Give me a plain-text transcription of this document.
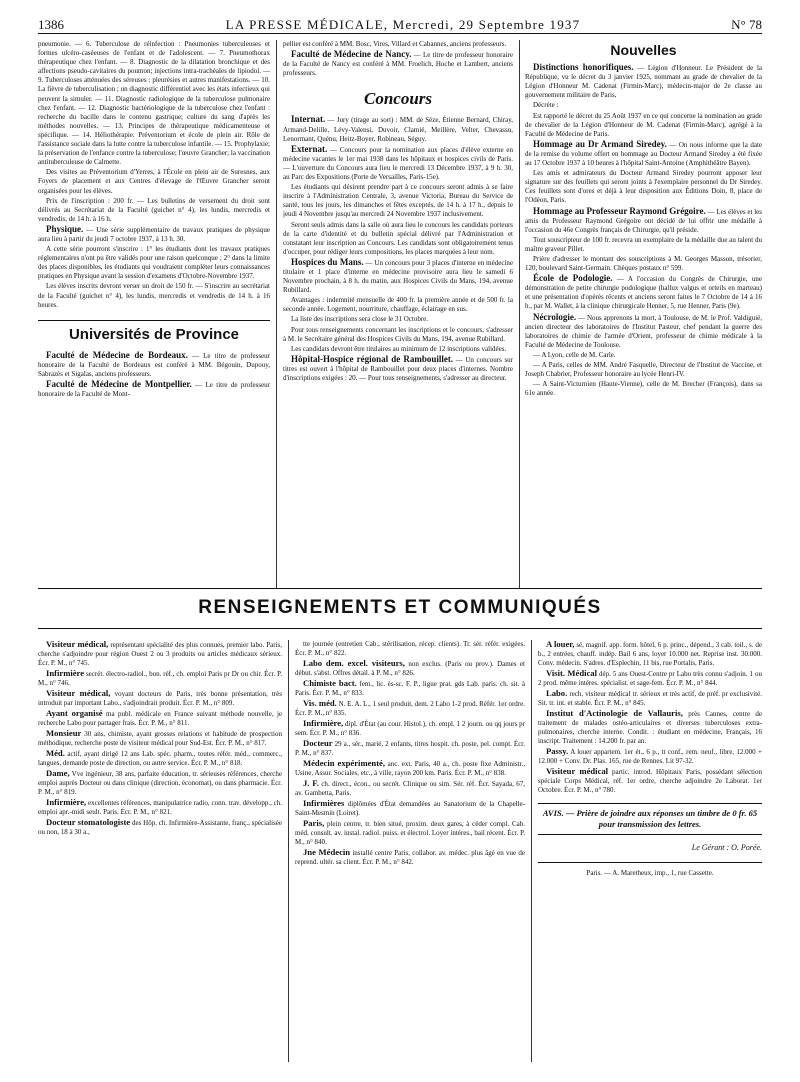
1386	LA PRESSE MÉDICALE, Mercredi, 29 Septembre 1937	N° 78

pneumonie. — 6. Tuberculose de réinfection : Pneumonies tuberculeuses et formes ulcéro-caséeuses de l'enfant et de l'adolescent. — 7. Pneumothorax thérapeutique chez l'enfant. — 8. Diagnostic de la dilatation bronchique et des affections pseudo-cavitaires du poumon; injections intra-trachéales de lipiodol. — 9. Tuberculoses atténuées des séreuses : pleurésies et autres manifestations. — 10. La fièvre de tuberculisation ; un diagnostic différentiel avec les états infectieux qui peuvent la simuler. — 11. Diagnostic radiologique de la tuberculose pulmonaire chez l'enfant. — 12. Diagnostic bactériologique de la tuberculose chez l'enfant : recherche du bacille dans le contenu gastrique; culture du sang d'après les méthodes nouvelles. — 13. Principes de thérapeutique médicamenteuse et spécifique. — 14. Héliothérapie. Préventorium et école de plein air. Rôle de l'assistance sociale dans la lutte contre la tuberculose infantile. — 15. Prophylaxie; la préservation de l'enfance contre la tuberculose; l'œuvre Grancher; la vaccination antituberculeuse de Calmette.

Des visites au Préventorium d'Yerres, à l'École en plein air de Suresnes, aux Foyers de placement et aux Centres d'élevage de l'Œuvre Grancher seront organisées pour les élèves.

Prix de l'inscription : 200 fr. — Les bulletins de versement du droit sont délivrés au Secrétariat de la Faculté (guichet n° 4), les lundis, mercredis et vendredis, de 14 h. à 16 h.

Physique. — Une série supplémentaire de travaux pratiques de physique aura lieu à partir du jeudi 7 octobre 1937, à 13 h. 30.

A cette série pourront s'inscrire : 1° les étudiants dont les travaux pratiques réglementaires n'ont pu être validés pour une raison quelconque ; 2° dans la limite des places disponibles, les étudiants qui voudraient compléter leurs connaissances pratiques en Physique avant la session d'examens d'Octobre-Novembre 1937.

Les élèves inscrits devront verser un droit de 150 fr. — S'inscrire au secrétariat de la Faculté (guichet n° 4), les lundis, mercredis et vendredis de 14 h. à 16 heures.

Universités de Province

Faculté de Médecine de Bordeaux. — Le titre de professeur honoraire de la Faculté de Bordeaux est conféré à MM. Bégouin, Dupouy, Sabrazès et Sigalas, anciens professeurs.

Faculté de Médecine de Montpellier. — Le titre de professeur honoraire de la Faculté de Mont-

pellier est conféré à MM. Bosc, Vires, Villard et Cabannes, anciens professeurs.

Faculté de Médecine de Nancy. — Le titre de professeur honoraire de la Faculté de Nancy est conféré à MM. Froelich, Hoche et Lambert, anciens professeurs.

Concours

Internat. — Jury (tirage au sort) : MM. de Sèze, Étienne Bernard, Chiray, Armand-Delille, Lévy-Valensi, Duvoir, Clamié, Meillère, Velter, Chevassu, Lenormant, Quénu, Heitz-Boyer, Robineau, Séguy.

Externat. — Concours pour la nomination aux places d'élève externe en médecine vacantes le 1er mai 1938 dans les hôpitaux et hospices civils de Paris. — L'ouverture du Concours aura lieu le mercredi 13 Décembre 1937, à 9 h. 30, au Parc des Expositions (Porte de Versailles, Paris-15e).

Les étudiants qui désirent prendre part à ce concours seront admis à se faire inscrire à l'Administration Centrale, 3, avenue Victoria, Bureau du Service de santé, tous les jours, les dimanches et fêtes exceptés, de 14 h. à 17 h., depuis le jeudi 4 Novembre jusqu'au mercredi 24 Novembre 1937 inclusivement.

Seront seuls admis dans la salle où aura lieu le concours les candidats porteurs de la carte d'identité et du bulletin spécial délivré par l'Administration et constatant leur inscription au Concours. Les candidats sont obligatoirement tenus d'occuper, pour rédiger leurs compositions, les places marquées à leur nom.

Hospices du Mans. — Un concours pour 3 places d'interne en médecine titulaire et 1 place d'interne en médecine provisoire aura lieu le samedi 6 Novembre prochain, à 8 h. du matin, aux Hospices Civils du Mans, 194, avenue Rubillard.

Avantages : indemnité mensuelle de 400 fr. la première année et de 500 fr. la seconde année. Logement, nourriture, chauffage, éclairage en sus.

La liste des inscriptions sera close le 31 Octobre.

Pour tous renseignements concernant les inscriptions et le concours, s'adresser à M. le Secrétaire général des Hospices Civils du Mans, 194, avenue Rubillard.

Les candidats devront être titulaires au minimum de 12 inscriptions validées.

Hôpital-Hospice régional de Rambouillet. — Un concours sur titres est ouvert à l'hôpital de Rambouillet pour deux places d'internes. Nombre d'inscriptions exigées : 20. — Pour tous renseignements, s'adresser au directeur.

Nouvelles

Distinctions honorifiques. — Légion d'Honneur. Le Président de la République, vu le décret du 3 janvier 1925, nommant au grade de chevalier de la Légion d'Honneur M. Cadenat (Firmin-Marc), médecin-major de 2e classe au gouvernement militaire de Paris,

Décrète :

Est rapporté le décret du 25 Août 1937 en ce qui concerne la nomination au grade de chevalier de la Légion d'Honneur de M. Cadenat (Firmin-Marc), agrégé à la Faculté de Médecine de Paris.

Hommage au Dr Armand Siredey. — On nous informe que la date de la remise du volume offert en hommage au Docteur Armand Siredey a été fixée au 17 Octobre 1937 à 10 heures à l'hôpital Saint-Antoine (Amphithéâtre Bayen).

Les amis et admirateurs du Docteur Armand Siredey pourront apposer leur signature sur des feuillets qui seront joints à l'exemplaire personnel du Dr Siredey. Ces feuillets sont d'ores et déjà à leur disposition aux Éditions Doin, 8, place de l'Odéon, Paris.

Hommage au Professeur Raymond Grégoire. — Les élèves et les amis du Professeur Raymond Grégoire ont décidé de lui offrir une médaille à l'occasion du 46e Congrès français de Chirurgie, qu'il préside.

Tout souscripteur de 100 fr. recevra un exemplaire de la médaille due au talent du maître graveur Pillet.

Prière d'adresser le montant des souscriptions à M. Georges Masson, trésorier, 120, boulevard Saint-Germain. Chèques postaux n° 599.

École de Podologie. — A l'occasion du Congrès de Chirurgie, une démonstration de petite chirurgie podologique (hallux valgus et orteils en marteau) et une présentation d'opérés récents et anciens seront faites le 7 Octobre de 14 à 16 h., par M. Wallet, à la clinique chirurgicale Henner, 5, rue Henner, Paris (9e).

Nécrologie. — Nous apprenons la mort, à Toulouse, de M. le Prof. Valdiguié, ancien directeur des laboratoires de l'Institut Pasteur, chef pendant la guerre des laboratoires de chimie de l'armée d'Orient, professeur de chimie médicale à la Faculté de Médecine de Toulouse.

— A Lyon, celle de M. Carle.

— A Paris, celles de MM. André Fasquelle, Directeur de l'Institut de Vaccine, et Joseph Chabrier, Professeur honoraire au lycée Henri-IV.

— A Saint-Victurnien (Haute-Vienne), celle de M. Brecher (François), dans sa 61e année.

RENSEIGNEMENTS ET COMMUNIQUÉS

Visiteur médical, représentant spécialité des plus connues, premier labo. Paris, cherche s'adjoindre pour région Ouest 2 ou 3 produits ou articles médicaux sérieux. Écr. P. M., n° 745.

Infirmière secrét. électro-radiol., bon. réf., ch. emploi Paris pr Dr ou chir. Écr. P. M., n° 746.

Visiteur médical, voyant docteurs de Paris, très bonne présentation, très introduit par important Labo., s'adjoindrait produit. Écr. P. M., n° 809.

Ayant organisé ma publ. médicale en France suivant méthode nouvelle, je recherche Labo pour partager frais. Écr. P. M., n° 811.

Monsieur 30 ans, chimiste, ayant grosses relations et habitude de prospection méthodique, recherche poste de visiteur médical pour Sud-Est. Écr. P. M., n° 817.

Méd. actif, ayant dirigé 12 ans Lab. spéc. pharm., toutes référ. méd., commerc., langues, demande poste de direction, ou autre service. Écr. P. M., n° 818.

Dame, Vve ingénieur, 38 ans, parfaite éducation, tr. sérieuses références, cherche emploi auprès Docteur ou dans clinique (direction, économat), ou dans pharmacie. Écr. P. M., n° 819.

Infirmière, excellentes références, manipulatrice radio, conn. trav. développ., ch. emploi apr.-midi seult. Paris. Écr. P. M., n° 821.

Docteur stomatologiste des Hôp. ch. Infirmière-Assistante, franç., spécialisée ou non, 18 à 30 a.,

tte journée (entretien Cab., stérilisation, récep. clients). Tr. sér. référ. exigées. Écr. P. M., n° 822.

Labo dem. excel. visiteurs, non exclus. (Paris ou prov.). Dames et début. s'abst. Offres détail. à P. M., n° 826.

Chimiste bact. fem., lic. ès-sc. F. P., ligue prat. gds Lab. paris. ch. sit. à Paris. Écr. P. M., n° 833.

Vis. méd. N. E. A. L., 1 seul produit, dem. 2 Labo 1-2 prod. Référ. 1er ordre. Écr. P. M., n° 835.

Infirmière, dipl. d'État (au cour. Histol.), ch. empl. 1 2 journ. ou qq jours pr sem. Écr. P. M., n° 836.

Docteur 29 a., sér., marié, 2 enfants, titres hospit. ch. poste, pel. compt. Écr. P. M., n° 837.

Médecin expérimenté, anc. ext. Paris, 40 a., ch. poste fixe Administr., Usine, Assur. Sociales, etc., à ville, rayon 200 km. Paris. Écr. P. M., n° 838.

J. F. ch. direct., écon., ou secrét. Clinique ou sim. Sér. réf. Écr. Sayada, 67, av. Gambetta, Paris.

Infirmières diplômées d'État demandées au Sanatorium de la Chapelle-Saint-Mesmin (Loiret).

Paris, plein centre, tr. bien situé, proxim. deux gares, à céder compl. Cab. méd. consult. av. instal. radiol. puiss. et électrol. Loyer intéres., bail récent. Écr. P. M., n° 840.

Jne Médecin installé centre Paris, collabor. av. médec. plus âgé en vue de reprend. ultér. sa client. Écr. P. M., n° 842.

A louer, sé, magnif. app. form. hôtel, 6 p. princ., dépend., 3 cab. toil., s. de b., 2 entrées, chauff. indép. Bail 6 ans, loyer 10.000 net. Reprise inst. 30.000. Conv. médecin. S'adres. d'Esplechin, 11 bis, rue Portalis, Paris.

Visit. Médical dép. 5 ans Ouest-Centre pr Labo très connu s'adjoin. 1 ou 2 prod. même intéres. spécialist. et sage-fem. Écr. P. M., n° 844.

Labo. rech. visiteur médical tr. sérieux et très actif, de préf. pr exclusivité. Sit. tr. int. et stable. Écr. P. M., n° 845.

Institut d'Actinologie de Vallauris, près Cannes, centre de traitement de malades ostéo-articulaires et diverses tuberculoses extra-pulmonaires, cherche interne. Condit. : étudiant en médecine, Français, 16 inscript. Traitement : 14.200 fr. par an.

Passy. A louer appartem. 1er ét., 6 p., tt conf., rem. neuf., libre, 12.000 + 12.000 + Conv. Dr. Plas. 165, rue de Rennes. Lit 97-32.

Visiteur médical partic. introd. Hôpitaux Paris, possédant sélection spéciale Corps Médical, réf. 1er ordre, cherche adjoindre 2e Laborat. 1er Octobre. Écr. P. M., n° 780.

AVIS. — Prière de joindre aux réponses un timbre de 0 fr. 65 pour transmission des lettres.
Le Gérant : O. Porée.
Paris. — A. Maretheux, imp., 1, rue Cassette.
